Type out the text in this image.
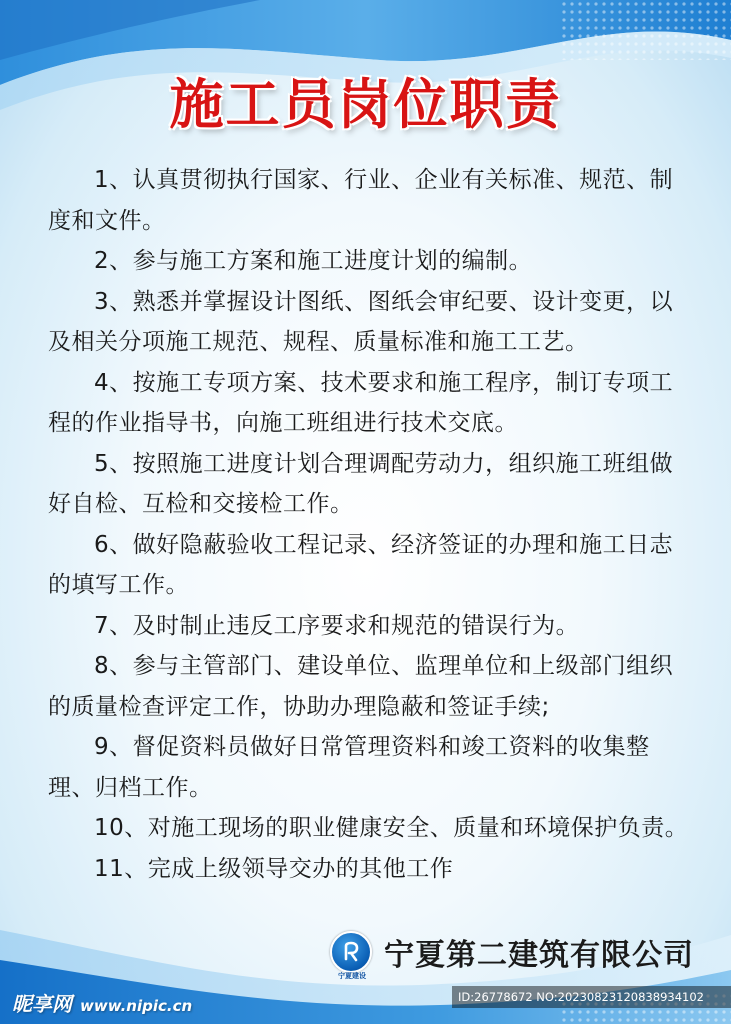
施工员岗位职责

1、认真贯彻执行国家、行业、企业有关标准、规范、制度和文件。

2、参与施工方案和施工进度计划的编制。

3、熟悉并掌握设计图纸、图纸会审纪要、设计变更，以及相关分项施工规范、规程、质量标准和施工工艺。

4、按施工专项方案、技术要求和施工程序，制订专项工程的作业指导书，向施工班组进行技术交底。

5、按照施工进度计划合理调配劳动力，组织施工班组做好自检、互检和交接检工作。

6、做好隐蔽验收工程记录、经济签证的办理和施工日志的填写工作。

7、及时制止违反工序要求和规范的错误行为。

8、参与主管部门、建设单位、监理单位和上级部门组织的质量检查评定工作，协助办理隐蔽和签证手续;

9、督促资料员做好日常管理资料和竣工资料的收集整理、归档工作。

10、对施工现场的职业健康安全、质量和环境保护负责。

11、完成上级领导交办的其他工作

宁夏建设
宁夏第二建筑有限公司
昵享网 www.nipic.cn	ID:26778672 NO:20230823120838934102
